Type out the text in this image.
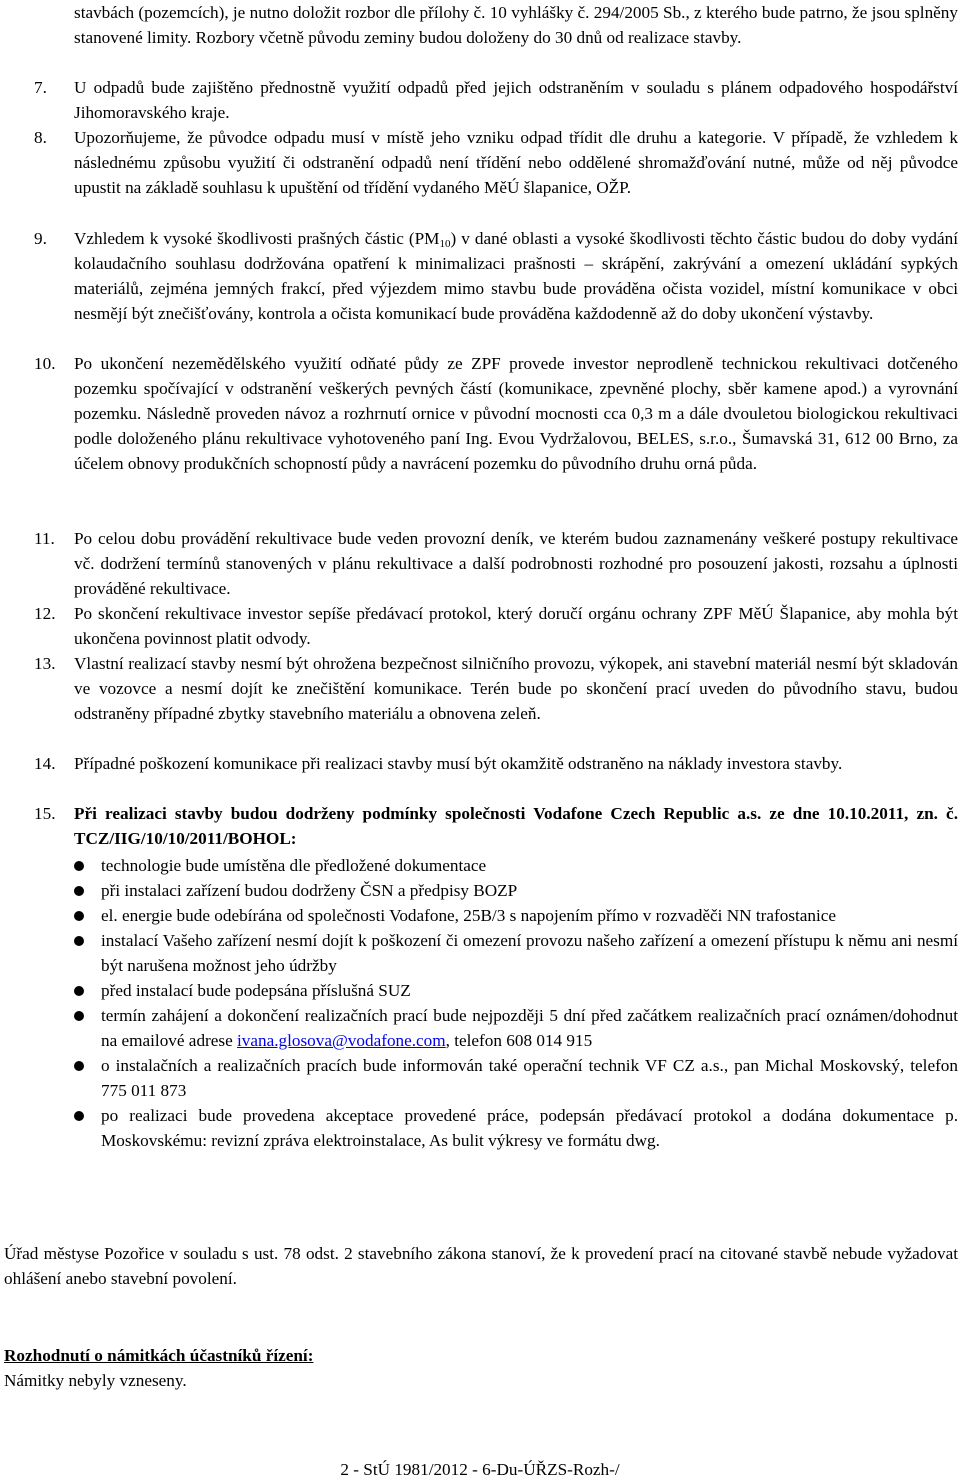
stavbách (pozemcích), je nutno doložit rozbor dle přílohy č. 10 vyhlášky č. 294/2005 Sb., z kterého bude patrno, že jsou splněny stanovené limity. Rozbory včetně původu zeminy budou doloženy do 30 dnů od realizace stavby.
7.	U odpadů bude zajištěno přednostně využití odpadů před jejich odstraněním v souladu s plánem odpadového hospodářství Jihomoravského kraje.
8.	Upozorňujeme, že původce odpadu musí v místě jeho vzniku odpad třídit dle druhu a kategorie. V případě, že vzhledem k následnému způsobu využití či odstranění odpadů není třídění nebo oddělené shromažďování nutné, může od něj původce upustit na základě souhlasu k upuštění od třídění vydaného MěÚ šlapanice, OŽP.
9.	Vzhledem k vysoké škodlivosti prašných částic $(PM_{10})$ v dané oblasti a vysoké škodlivosti těchto částic budou do doby vydání kolaudačního souhlasu dodržována opatření k minimalizaci prašnosti – skrápění, zakrývání a omezení ukládání sypkých materiálů, zejména jemných frakcí, před výjezdem mimo stavbu bude prováděna očista vozidel, místní komunikace v obci nesmějí být znečišťovány, kontrola a očista komunikací bude prováděna každodenně až do doby ukončení výstavby.
10.	Po ukončení nezemědělského využití odňaté půdy ze ZPF provede investor neprodleně technickou rekultivaci dotčeného pozemku spočívající v odstranění veškerých pevných částí (komunikace, zpevněné plochy, sběr kamene apod.) a vyrovnání pozemku. Následně proveden návoz a rozhrnutí ornice v původní mocnosti cca 0,3 m a dále dvouletou biologickou rekultivaci podle doloženého plánu rekultivace vyhotoveného paní Ing. Evou Vydržalovou, BELES, s.r.o., Šumavská 31, 612 00 Brno, za účelem obnovy produkčních schopností půdy a navrácení pozemku do původního druhu orná půda.
11.	Po celou dobu provádění rekultivace bude veden provozní deník, ve kterém budou zaznamenány veškeré postupy rekultivace vč. dodržení termínů stanovených v plánu rekultivace a další podrobnosti rozhodné pro posouzení jakosti, rozsahu a úplnosti prováděné rekultivace.
12.	Po skončení rekultivace investor sepíše předávací protokol, který doručí orgánu ochrany ZPF MěÚ Šlapanice, aby mohla být ukončena povinnost platit odvody.
13.	Vlastní realizací stavby nesmí být ohrožena bezpečnost silničního provozu, výkopek, ani stavební materiál nesmí být skladován ve vozovce a nesmí dojít ke znečištění komunikace. Terén bude po skončení prací uveden do původního stavu, budou odstraněny případné zbytky stavebního materiálu a obnovena zeleň.
14.	Případné poškození komunikace při realizaci stavby musí být okamžitě odstraněno na náklady investora stavby.
15.	Při realizaci stavby budou dodrženy podmínky společnosti Vodafone Czech Republic a.s. ze dne 10.10.2011, zn. č. TCZ/IIG/10/10/2011/BOHOL:
technologie bude umístěna dle předložené dokumentace
při instalaci zařízení budou dodrženy ČSN a předpisy BOZP
el. energie bude odebírána od společnosti Vodafone, 25B/3 s napojením přímo v rozvaděči NN trafostanice
instalací Vašeho zařízení nesmí dojít k poškození či omezení provozu našeho zařízení a omezení přístupu k němu ani nesmí být narušena možnost jeho údržby
před instalací bude podepsána příslušná SUZ
termín zahájení a dokončení realizačních prací bude nejpozději 5 dní před začátkem realizačních prací oznámen/dohodnut na emailové adrese ivana.glosova@vodafone.com, telefon 608 014 915
o instalačních a realizačních pracích bude informován také operační technik VF CZ a.s., pan Michal Moskovský, telefon 775 011 873
po realizaci bude provedena akceptace provedené práce, podepsán předávací protokol a dodána dokumentace p. Moskovskému: revizní zpráva elektroinstalace, As bulit výkresy ve formátu dwg.
Úřad městyse Pozořice v souladu s ust. 78 odst. 2 stavebního zákona stanoví, že k provedení prací na citované stavbě nebude vyžadovat ohlášení anebo stavební povolení.
Rozhodnutí o námitkách účastníků řízení:
Námitky nebyly vzneseny.
2 - StÚ 1981/2012 - 6-Du-ÚŘZS-Rozh-/
